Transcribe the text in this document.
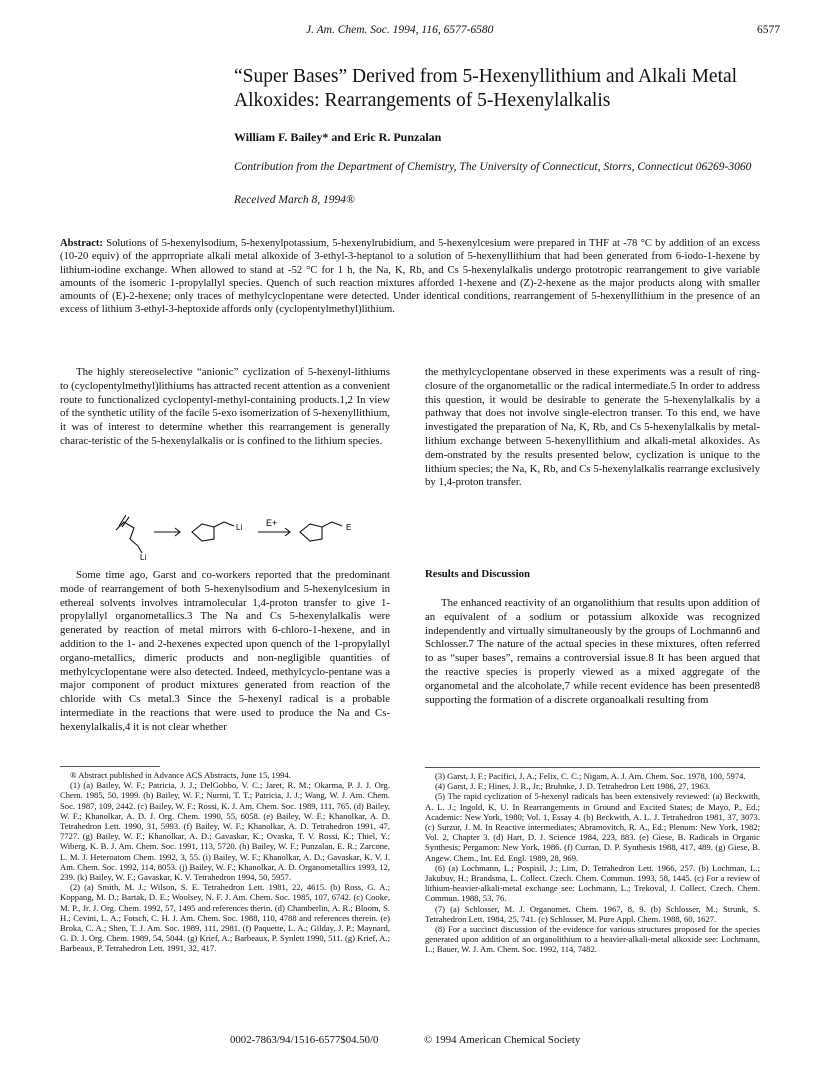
J. Am. Chem. Soc. 1994, 116, 6577-6580	6577
“Super Bases” Derived from 5-Hexenyllithium and Alkali Metal Alkoxides: Rearrangements of 5-Hexenylalkalis
William F. Bailey* and Eric R. Punzalan
Contribution from the Department of Chemistry, The University of Connecticut, Storrs, Connecticut 06269-3060
Received March 8, 1994®
Abstract: Solutions of 5-hexenylsodium, 5-hexenylpotassium, 5-hexenylrubidium, and 5-hexenylcesium were prepared in THF at -78 °C by addition of an excess (10-20 equiv) of the apprropriate alkali metal alkoxide of 3-ethyl-3-heptanol to a solution of 5-hexenyllithium that had been generated from 6-iodo-1-hexene by lithium-iodine exchange. When allowed to stand at -52 °C for 1 h, the Na, K, Rb, and Cs 5-hexenylalkalis undergo prototropic rearrangement to give variable amounts of the isomeric 1-propylallyl species. Quench of such reaction mixtures afforded 1-hexene and (Z)-2-hexene as the major products along with smaller amounts of (E)-2-hexene; only traces of methylcyclopentane were detected. Under identical conditions, rearrangement of 5-hexenyllithium in the presence of an excess of lithium 3-ethyl-3-heptoxide affords only (cyclopentylmethyl)lithium.

The highly stereoselective “anionic” cyclization of 5-hexenyl-lithiums to (cyclopentylmethyl)lithiums has attracted recent attention as a convenient route to functionalized cyclopentyl-methyl-containing products.1,2 In view of the synthetic utility of the facile 5-exo isomerization of 5-hexenyllithium, it was of interest to determine whether this rearrangement is generally charac-teristic of the 5-hexenylalkalis or is confined to the lithium species.

Li
Li	E+	E

Some time ago, Garst and co-workers reported that the predominant mode of rearrangement of both 5-hexenylsodium and 5-hexenylcesium in ethereal solvents involves intramolecular 1,4-proton transfer to give 1-propylallyl organometallics.3 The Na and Cs 5-hexenylalkalis were generated by reaction of metal mirrors with 6-chloro-1-hexene, and in addition to the 1- and 2-hexenes expected upon quench of the 1-propylallyl organo-metallics, dimeric products and non-negligible quantities of methylcyclopentane were also detected. Indeed, methylcyclo-pentane was a major component of product mixtures generated from reaction of the chloride with Cs metal.3 Since the 5-hexenyl radical is a probable intermediate in the reactions that were used to produce the Na and Cs-hexenylalkalis,4 it is not clear whether

the methylcyclopentane observed in these experiments was a result of ring-closure of the organometallic or the radical intermediate.5 In order to address this question, it would be desirable to generate the 5-hexenylalkalis by a pathway that does not involve single-electron transer. To this end, we have investigated the preparation of Na, K, Rb, and Cs 5-hexenylalkalis by metal-lithium exchange between 5-hexenyllithium and alkali-metal alkoxides. As dem-onstrated by the results presented below, cyclization is unique to the lithium species; the Na, K, Rb, and Cs 5-hexenylalkalis rearrange exclusively by 1,4-proton transfer.

Results and Discussion

The enhanced reactivity of an organolithium that results upon addition of an equivalent of a sodium or potassium alkoxide was recognized independently and virtually simultaneously by the groups of Lochmann6 and Schlosser.7 The nature of the actual species in these mixtures, often referred to as “super bases”, remains a controversial issue.8 It has been argued that the reactive species is properly viewed as a mixed aggregate of the organometal and the alcoholate,7 while recent evidence has been presented8 supporting the formation of a discrete organoalkali resulting from

® Abstract published in Advance ACS Abstracts, June 15, 1994.

(1) (a) Bailey, W. F.; Patricia, J. J.; DelGobbo, V. C.; Jaret, R. M.; Okarma, P. J. J. Org. Chem. 1985, 50, 1999. (b) Bailey, W. F.; Nurmi, T. T.; Patricia, J. J.; Wang, W. J. Am. Chem. Soc. 1987, 109, 2442. (c) Bailey, W. F.; Rossi, K. J. Am. Chem. Soc. 1989, 111, 765. (d) Bailey, W. F.; Khanolkar, A. D. J. Org. Chem. 1990, 55, 6058. (e) Bailey, W. F.; Khanolkar, A. D. Tetrahedron Lett. 1990, 31, 5993. (f) Bailey, W. F.; Khanolkar, A. D. Tetrahedron 1991, 47, 7727. (g) Bailey, W. F.; Khanolkar, A. D.; Gavaskar, K.; Ovaska, T. V. Rossi, K.; Thiel, Y.; Wiberg, K. B. J. Am. Chem. Soc. 1991, 113, 5720. (h) Bailey, W. F.; Punzalan, E. R.; Zarcone, L. M. J. Heteroatom Chem. 1992, 3, 55. (i) Bailey, W. F.; Khanolkar, A. D.; Gavaskar, K. V. J. Am. Chem. Soc. 1992, 114, 8053. (j) Bailey, W. F.; Khanolkar, A. D. Organometallics 1993, 12, 239. (k) Bailey, W. F.; Gavaskar, K. V. Tetrahedron 1994, 50, 5957.

(2) (a) Smith, M. J.; Wilson, S. E. Tetrahedron Lett. 1981, 22, 4615. (b) Ross, G. A.; Koppang, M. D.; Bartak, D. E.; Woolsey, N. F. J. Am. Chem. Soc. 1985, 107, 6742. (c) Cooke, M. P., Jr. J. Org. Chem. 1992, 57, 1495 and references therin. (d) Chamberlin, A. R.; Bloom, S. H.; Cevini, L. A.; Fotsch, C. H. J. Am. Chem. Soc. 1988, 110, 4788 and references therein. (e) Broka, C. A.; Shen, T. J. Am. Soc. 1989, 111, 2981. (f) Paquette, L. A.; Gilday, J. P.; Maynard, G. D. J. Org. Chem. 1989, 54, 5044. (g) Krief, A.; Barbeaux, P. Synlett 1990, 511. (g) Krief, A.; Barbeaux, P. Tetrahedron Lett. 1991, 32, 417.

(3) Garst, J. F.; Pacifici, J. A.; Felix, C. C.; Nigam, A. J. Am. Chem. Soc. 1978, 100, 5974.

(4) Garst, J. F.; Hines, J. R., Jr.; Bruhnke, J. D. Tetrahedron Lett 1986, 27, 1963.

(5) The rapid cyclization of 5-hexenyl radicals has been extensively reviewed: (a) Beckwith, A. L. J.; Ingold, K. U. In Rearrangements in Ground and Excited States; de Mayo, P., Ed.; Academic: New York, 1980; Vol. 1, Essay 4. (b) Beckwith, A. L. J. Tetrahedron 1981, 37, 3073. (c) Surzur, J. M. In Reactive intermediates; Abramovitch, R. A., Ed.; Plenum: New York, 1982; Vol. 2, Chapter 3. (d) Hart, D. J. Science 1984, 223, 883. (e) Giese, B. Radicals in Organic Synthesis; Pergamon: New York, 1986. (f) Curran, D. P. Synthesis 1988, 417, 489. (g) Giese, B. Angew. Chem., Int. Ed. Engl. 1989, 28, 969.

(6) (a) Lochmann, L.; Pospisil, J.; Lim, D. Tetrahedron Lett. 1966, 257. (b) Lochman, L.; Jakubuv, H.; Brandsma, L. Collect. Czech. Chem. Commun. 1993, 58, 1445. (c) For a review of lithium-heavier-alkali-metal exchange see: Lochmann, L.; Trekoval, J. Collect. Czech. Chem. Commun. 1988, 53, 76.

(7) (a) Schlosser, M. J. Organomet. Chem. 1967, 8, 9. (b) Schlosser, M.; Strunk, S. Tetrahedron Lett. 1984, 25, 741. (c) Schlosser, M. Pure Appl. Chem. 1988, 60, 1627.

(8) For a succinct discussion of the evidence for various structures proposed for the species generated upon addition of an organolithium to a heavier-alkali-metal alkoxide see: Lochmann, L.; Bauer, W. J. Am. Chem. Soc. 1992, 114, 7482.

0002-7863/94/1516-6577$04.50/0	© 1994 American Chemical Society
